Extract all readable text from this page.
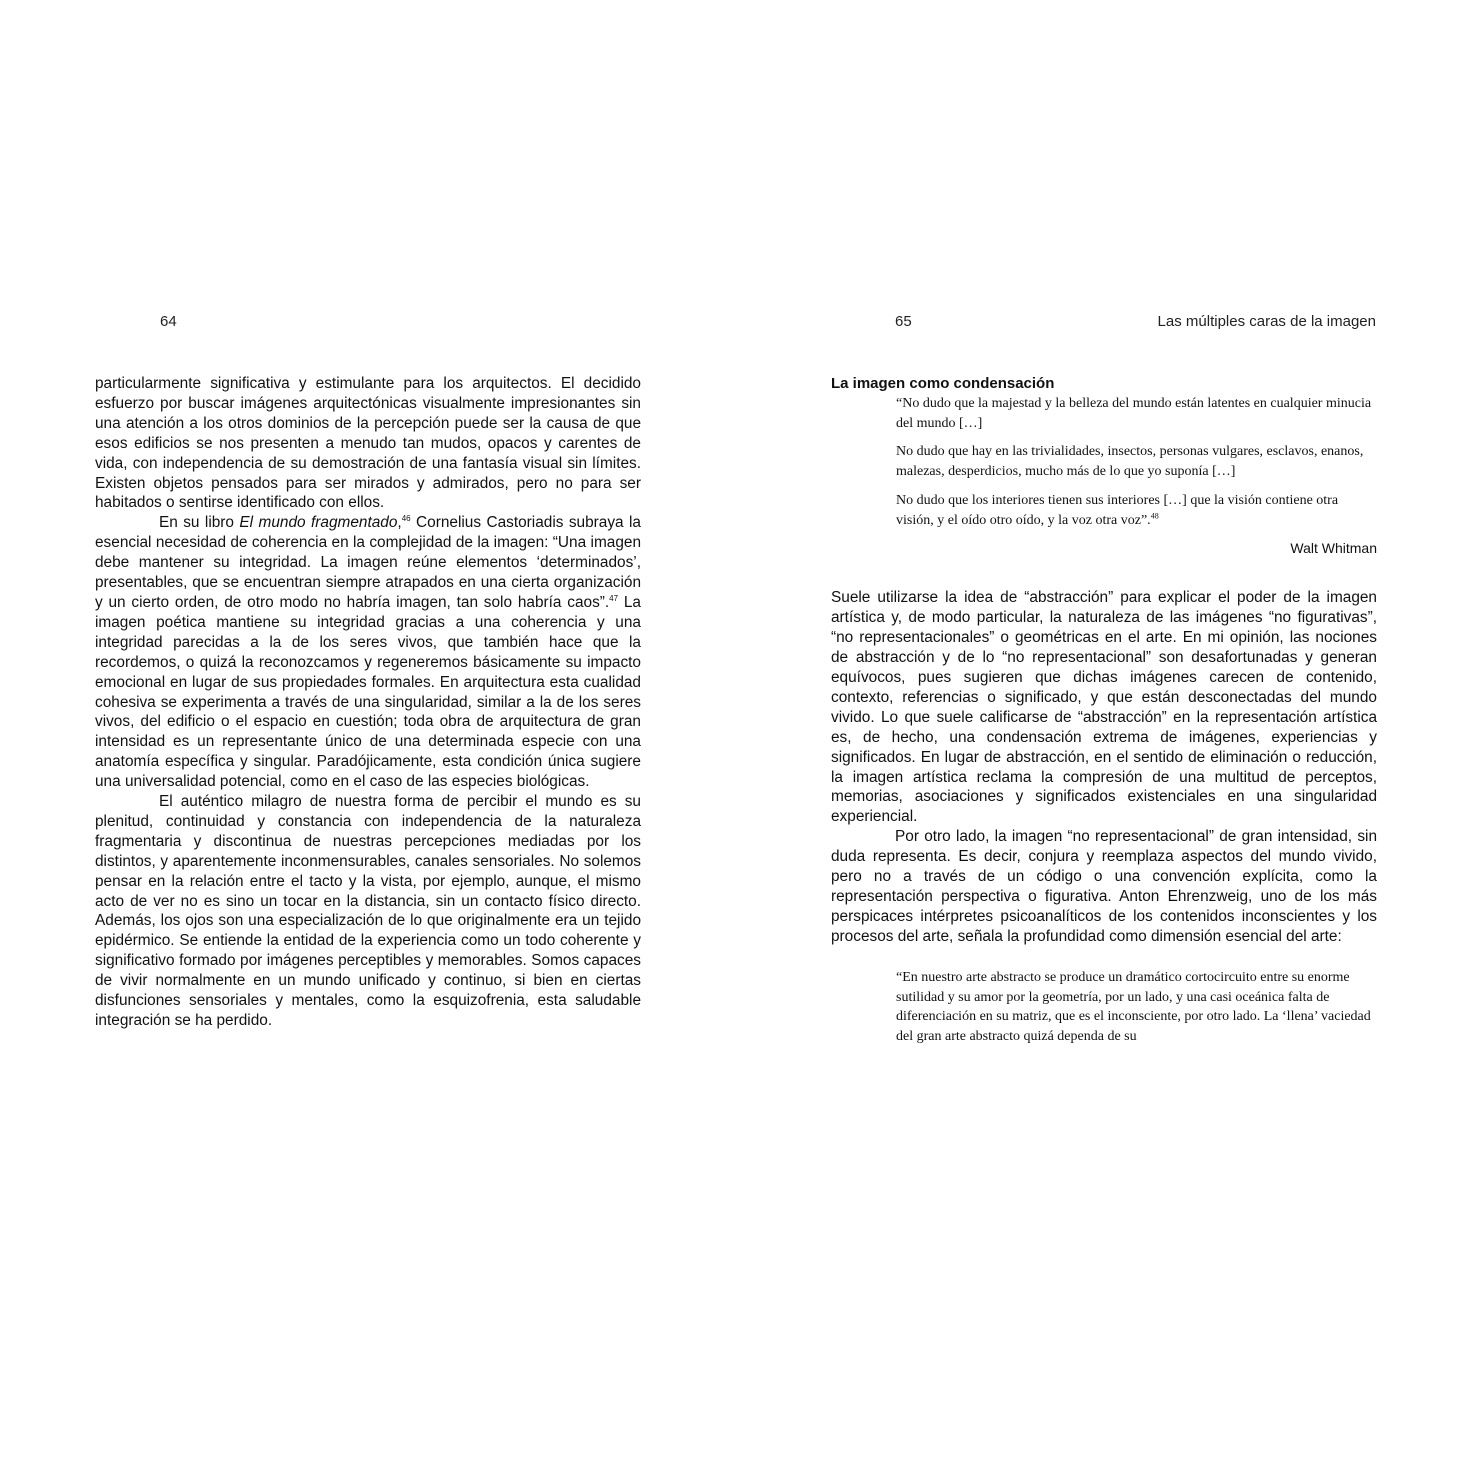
64

particularmente significativa y estimulante para los arquitectos. El decidido esfuerzo por buscar imágenes arquitectónicas visualmente impresionantes sin una atención a los otros dominios de la percepción puede ser la causa de que esos edificios se nos presenten a menudo tan mudos, opacos y carentes de vida, con independencia de su demostración de una fantasía visual sin límites. Existen objetos pensados para ser mirados y admirados, pero no para ser habitados o sentirse identificado con ellos.

En su libro El mundo fragmentado,$^{46}$ Cornelius Castoriadis subraya la esencial necesidad de coherencia en la complejidad de la imagen: “Una imagen debe mantener su integridad. La imagen reúne elementos ‘determinados’, presentables, que se encuentran siempre atrapados en una cierta organización y un cierto orden, de otro modo no habría imagen, tan solo habría caos”.$^{47}$ La imagen poética mantiene su integridad gracias a una coherencia y una integridad parecidas a la de los seres vivos, que también hace que la recordemos, o quizá la reconozcamos y regeneremos básicamente su impacto emocional en lugar de sus propiedades formales. En arquitectura esta cualidad cohesiva se experimenta a través de una singularidad, similar a la de los seres vivos, del edificio o el espacio en cuestión; toda obra de arquitectura de gran intensidad es un representante único de una determinada especie con una anatomía específica y singular. Paradójicamente, esta condición única sugiere una universalidad potencial, como en el caso de las especies biológicas.

El auténtico milagro de nuestra forma de percibir el mundo es su plenitud, continuidad y constancia con independencia de la naturaleza fragmentaria y discontinua de nuestras percepciones mediadas por los distintos, y aparentemente inconmensurables, canales sensoriales. No solemos pensar en la relación entre el tacto y la vista, por ejemplo, aunque, el mismo acto de ver no es sino un tocar en la distancia, sin un contacto físico directo. Además, los ojos son una especialización de lo que originalmente era un tejido epidérmico. Se entiende la entidad de la experiencia como un todo coherente y significativo formado por imágenes perceptibles y memorables. Somos capaces de vivir normalmente en un mundo unificado y continuo, si bien en ciertas disfunciones sensoriales y mentales, como la esquizofrenia, esta saludable integración se ha perdido.

65	Las múltiples caras de la imagen

La imagen como condensación

“No dudo que la majestad y la belleza del mundo están latentes en cualquier minucia del mundo […]

No dudo que hay en las trivialidades, insectos, personas vulgares, esclavos, enanos, malezas, desperdicios, mucho más de lo que yo suponía […]

No dudo que los interiores tienen sus interiores […] que la visión contiene otra visión, y el oído otro oído, y la voz otra voz”.$^{48}$

Walt Whitman

Suele utilizarse la idea de “abstracción” para explicar el poder de la imagen artística y, de modo particular, la naturaleza de las imágenes “no figurativas”, “no representacionales” o geométricas en el arte. En mi opinión, las nociones de abstracción y de lo “no representacional” son desafortunadas y generan equívocos, pues sugieren que dichas imágenes carecen de contenido, contexto, referencias o significado, y que están desconectadas del mundo vivido. Lo que suele calificarse de “abstracción” en la representación artística es, de hecho, una condensación extrema de imágenes, experiencias y significados. En lugar de abstracción, en el sentido de eliminación o reducción, la imagen artística reclama la compresión de una multitud de perceptos, memorias, asociaciones y significados existenciales en una singularidad experiencial.

Por otro lado, la imagen “no representacional” de gran intensidad, sin duda representa. Es decir, conjura y reemplaza aspectos del mundo vivido, pero no a través de un código o una convención explícita, como la representación perspectiva o figurativa. Anton Ehrenzweig, uno de los más perspicaces intérpretes psicoanalíticos de los contenidos inconscientes y los procesos del arte, señala la profundidad como dimensión esencial del arte:

“En nuestro arte abstracto se produce un dramático cortocircuito entre su enorme sutilidad y su amor por la geometría, por un lado, y una casi oceánica falta de diferenciación en su matriz, que es el inconsciente, por otro lado. La ‘llena’ vaciedad del gran arte abstracto quizá dependa de su
